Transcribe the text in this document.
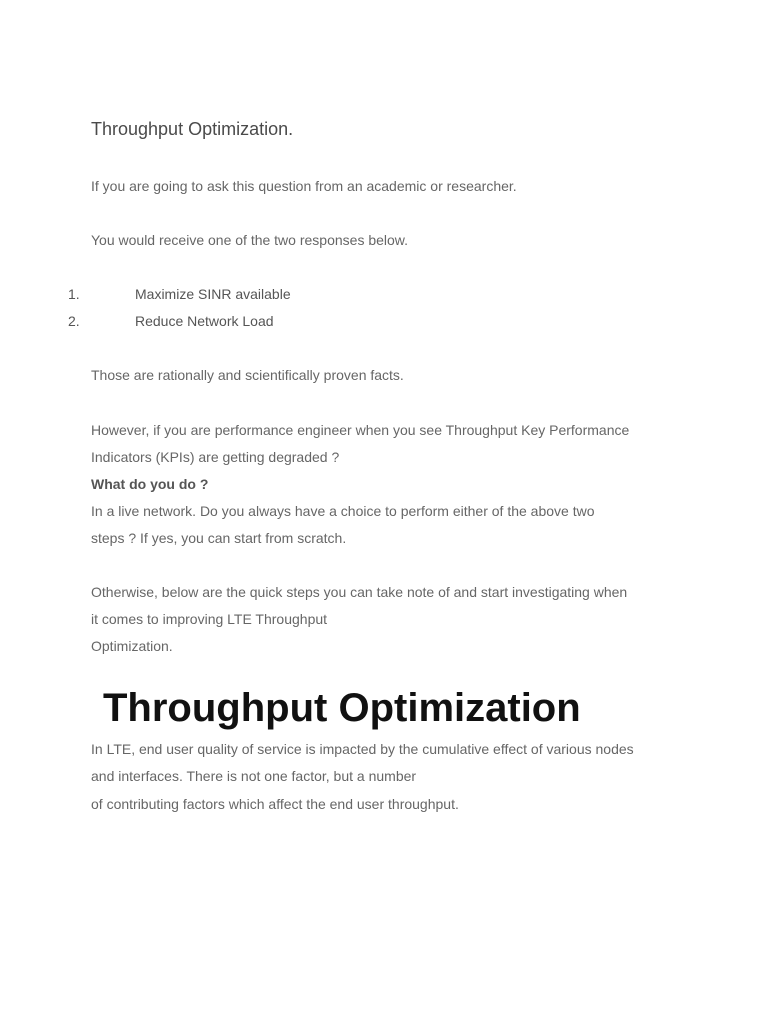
Throughput Optimization.
If you are going to ask this question from an academic or researcher.
You would receive one of the two responses below.
1.	Maximize SINR available
2.	Reduce Network Load
Those are rationally and scientifically proven facts.
However, if you are performance engineer when you see Throughput Key Performance
Indicators (KPIs) are getting degraded ?
What do you do ?
In a live network. Do you always have a choice to perform either of the above two
steps ? If yes, you can start from scratch.
Otherwise, below are the quick steps you can take note of and start investigating when
it comes to improving LTE Throughput
Optimization.
Throughput Optimization
In LTE, end user quality of service is impacted by the cumulative effect of various nodes
and interfaces. There is not one factor, but a number
of contributing factors which affect the end user throughput.
